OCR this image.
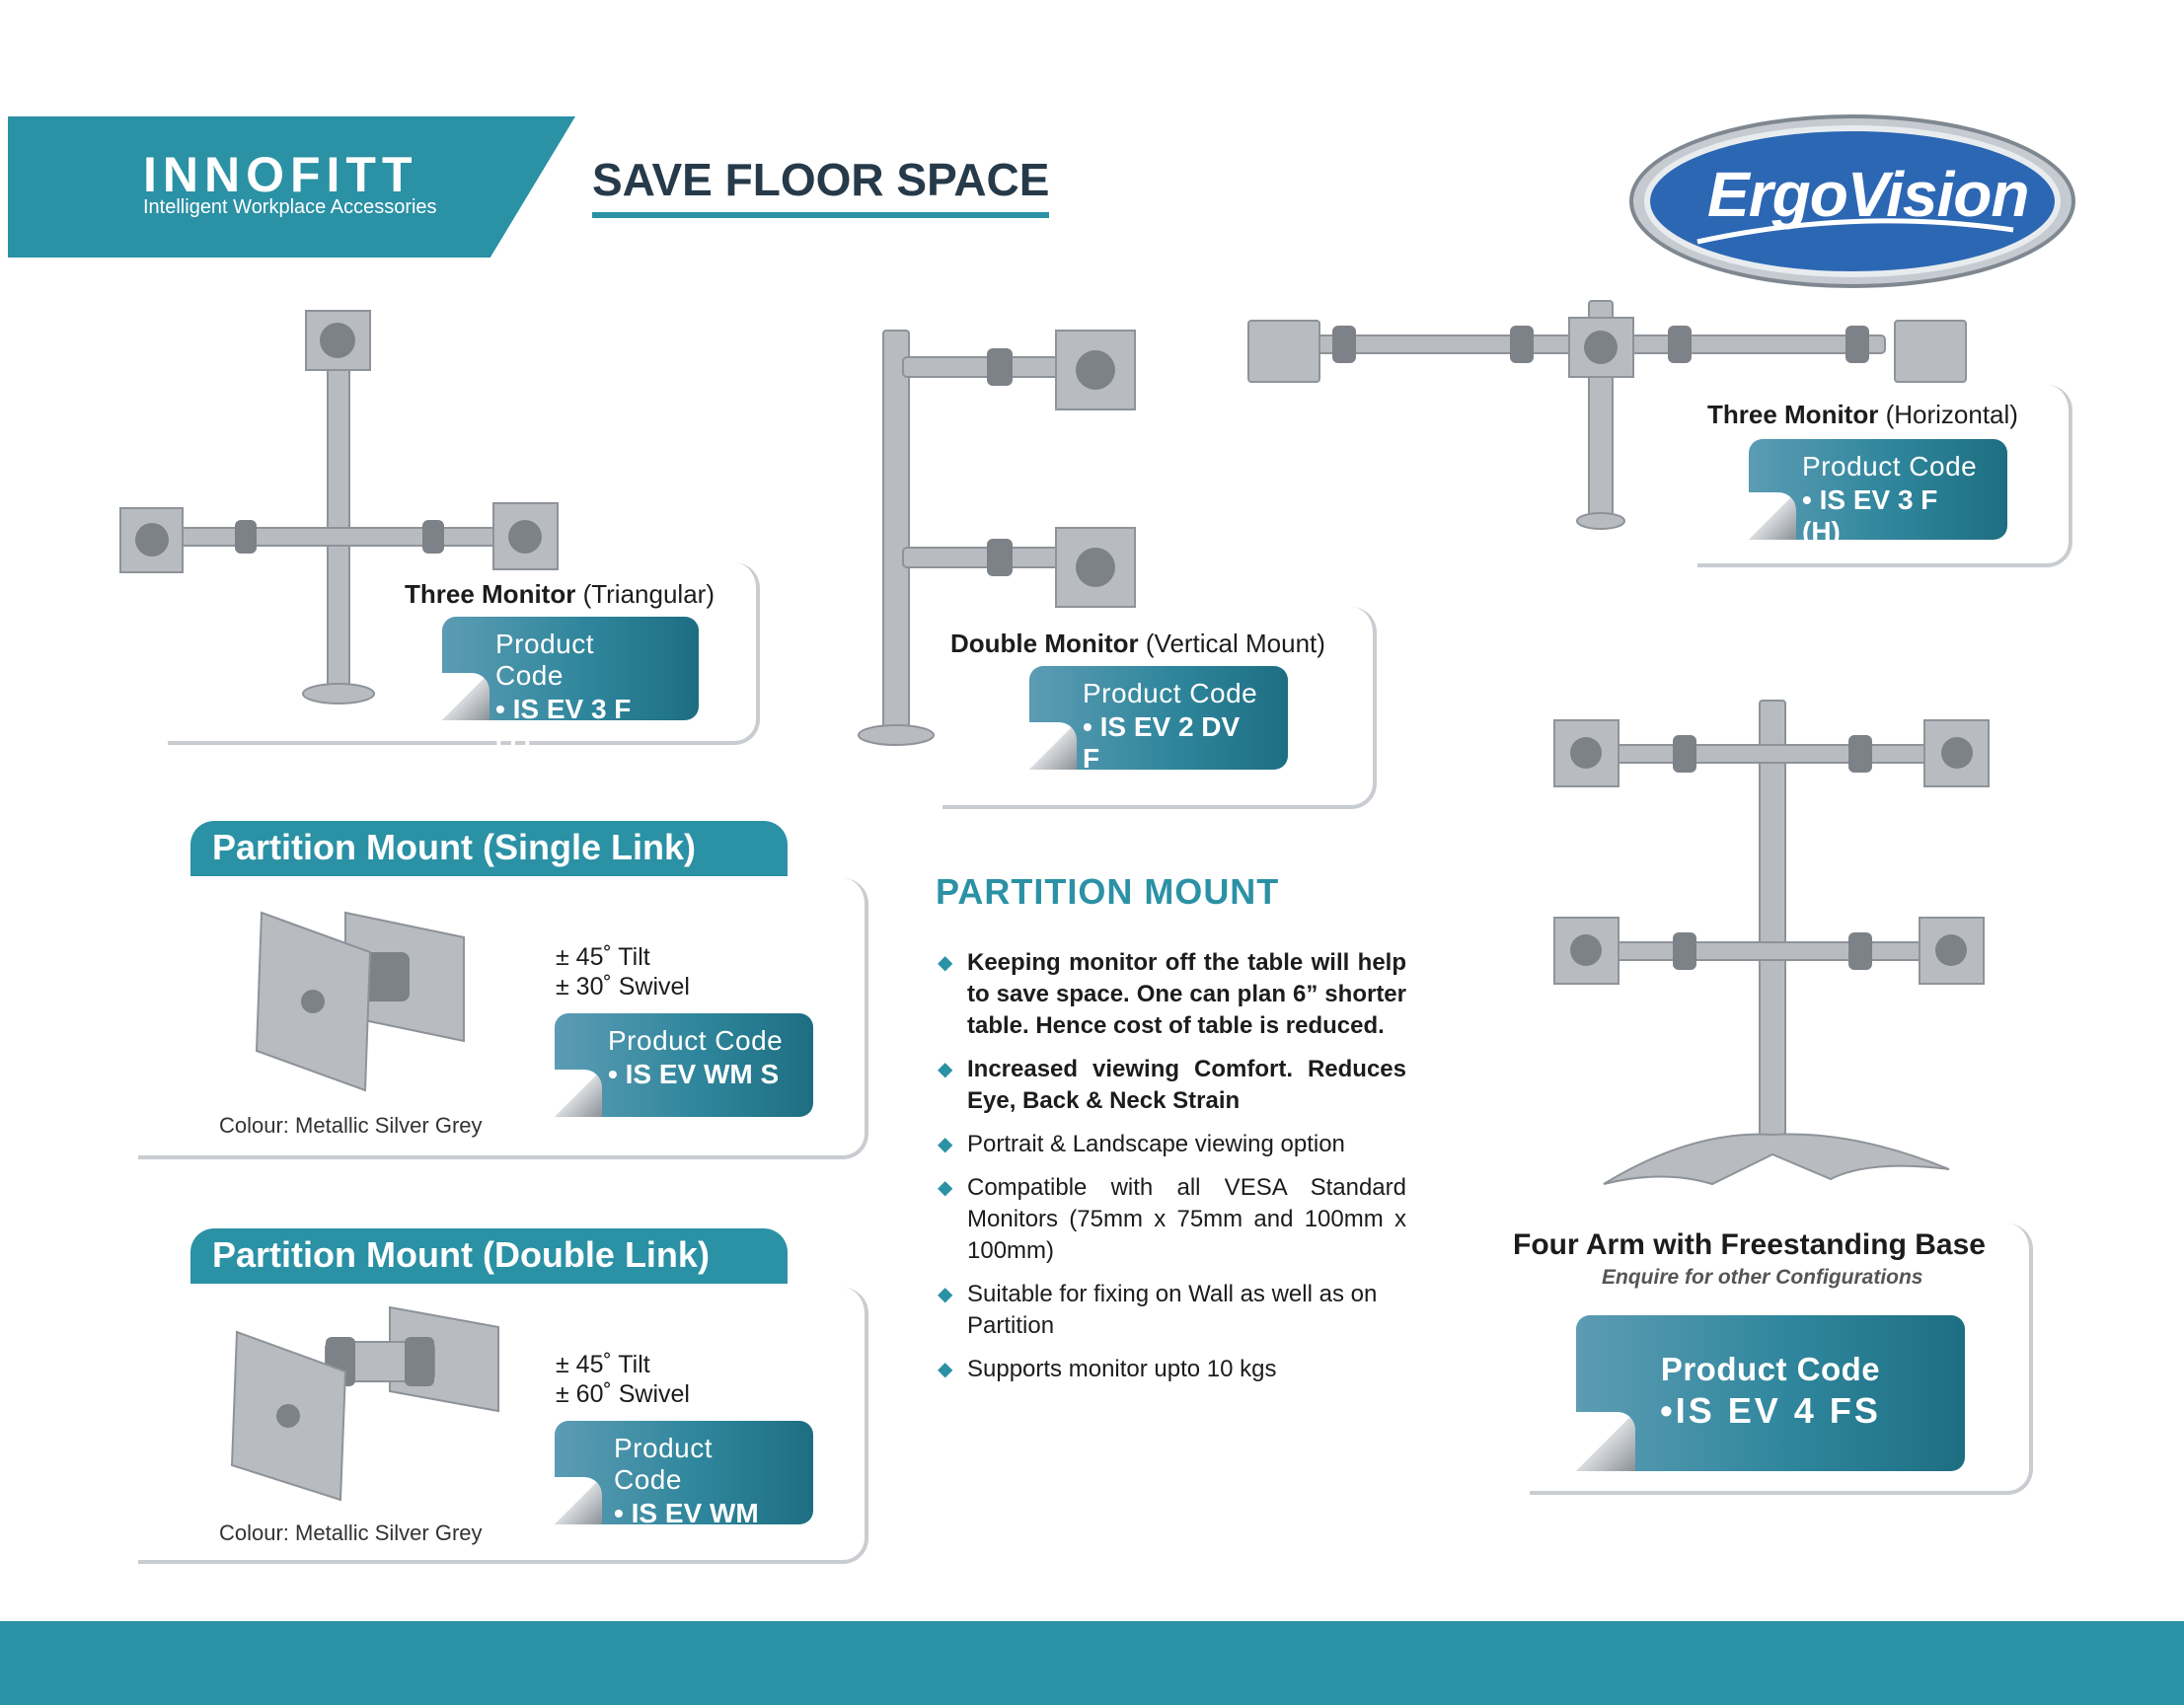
INNOFITT
Intelligent Workplace Accessories
SAVE FLOOR SPACE	ErgoVision
Three Monitor (Triangular)
Product Code
• IS EV 3 F (T)
Double Monitor (Vertical Mount)
Product Code
• IS EV 2 DV F
Three Monitor (Horizontal)
Product Code
• IS EV 3 F (H)
Partition Mount (Single Link)
± 45˚ Tilt
± 30˚ Swivel
Product Code
• IS EV WM S
Colour: Metallic Silver Grey
Partition Mount (Double Link)
± 45˚ Tilt
± 60˚ Swivel
Product Code
• IS EV WM D
Colour: Metallic Silver Grey
PARTITION MOUNT
◆ Keeping monitor off the table will help to save space. One can plan 6” shorter table. Hence cost of table is reduced.
◆ Increased viewing Comfort. Reduces Eye, Back & Neck Strain
◆ Portrait & Landscape viewing option
◆ Compatible with all VESA Standard Monitors (75mm x 75mm and 100mm x 100mm)
◆ Suitable for fixing on Wall as well as on Partition
◆ Supports monitor upto 10 kgs
Four Arm with Freestanding Base
Enquire for other Configurations
Product Code
•IS EV 4 FS
